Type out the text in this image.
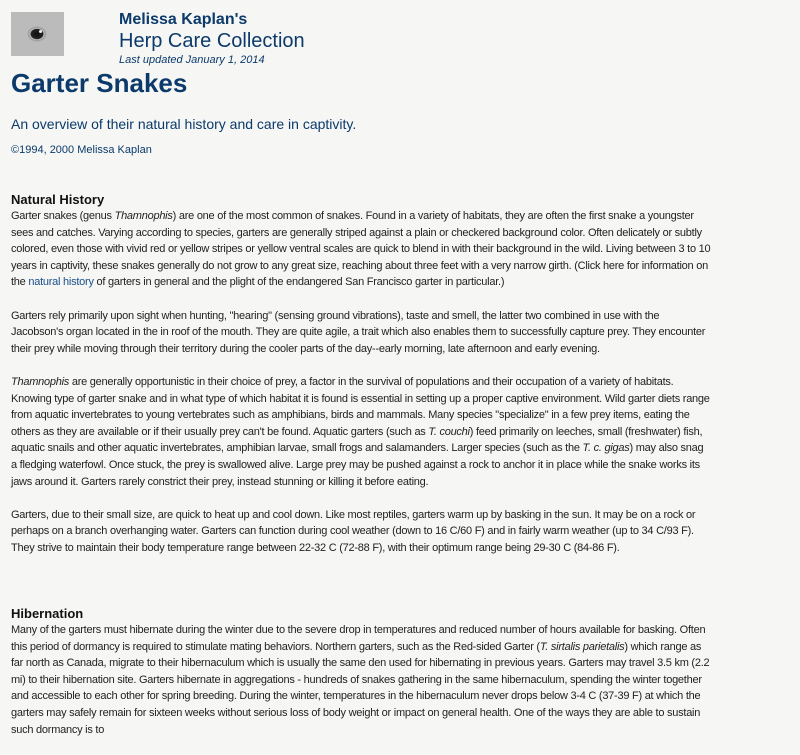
Melissa Kaplan's
Herp Care Collection
Last updated January 1, 2014
Garter Snakes
An overview of their natural history and care in captivity.
©1994, 2000 Melissa Kaplan
Natural History

Garter snakes (genus Thamnophis) are one of the most common of snakes. Found in a variety of habitats, they are often the first snake a youngster sees and catches. Varying according to species, garters are generally striped against a plain or checkered background color. Often delicately or subtly colored, even those with vivid red or yellow stripes or yellow ventral scales are quick to blend in with their background in the wild. Living between 3 to 10 years in captivity, these snakes generally do not grow to any great size, reaching about three feet with a very narrow girth. (Click here for information on the natural history of garters in general and the plight of the endangered San Francisco garter in particular.)

Garters rely primarily upon sight when hunting, "hearing" (sensing ground vibrations), taste and smell, the latter two combined in use with the Jacobson's organ located in the in roof of the mouth. They are quite agile, a trait which also enables them to successfully capture prey. They encounter their prey while moving through their territory during the cooler parts of the day--early morning, late afternoon and early evening.

Thamnophis are generally opportunistic in their choice of prey, a factor in the survival of populations and their occupation of a variety of habitats. Knowing type of garter snake and in what type of which habitat it is found is essential in setting up a proper captive environment. Wild garter diets range from aquatic invertebrates to young vertebrates such as amphibians, birds and mammals. Many species "specialize" in a few prey items, eating the others as they are available or if their usually prey can't be found. Aquatic garters (such as T. couchi) feed primarily on leeches, small (freshwater) fish, aquatic snails and other aquatic invertebrates, amphibian larvae, small frogs and salamanders. Larger species (such as the T. c. gigas) may also snag a fledging waterfowl. Once stuck, the prey is swallowed alive. Large prey may be pushed against a rock to anchor it in place while the snake works its jaws around it. Garters rarely constrict their prey, instead stunning or killing it before eating.

Garters, due to their small size, are quick to heat up and cool down. Like most reptiles, garters warm up by basking in the sun. It may be on a rock or perhaps on a branch overhanging water. Garters can function during cool weather (down to 16 C/60 F) and in fairly warm weather (up to 34 C/93 F). They strive to maintain their body temperature range between 22-32 C (72-88 F), with their optimum range being 29-30 C (84-86 F).

Hibernation

Many of the garters must hibernate during the winter due to the severe drop in temperatures and reduced number of hours available for basking. Often this period of dormancy is required to stimulate mating behaviors. Northern garters, such as the Red-sided Garter (T. sirtalis parietalis) which range as far north as Canada, migrate to their hibernaculum which is usually the same den used for hibernating in previous years. Garters may travel 3.5 km (2.2 mi) to their hibernation site. Garters hibernate in aggregations - hundreds of snakes gathering in the same hibernaculum, spending the winter together and accessible to each other for spring breeding. During the winter, temperatures in the hibernaculum never drops below 3-4 C (37-39 F) at which the garters may safely remain for sixteen weeks without serious loss of body weight or impact on general health. One of the ways they are able to sustain such dormancy is to
